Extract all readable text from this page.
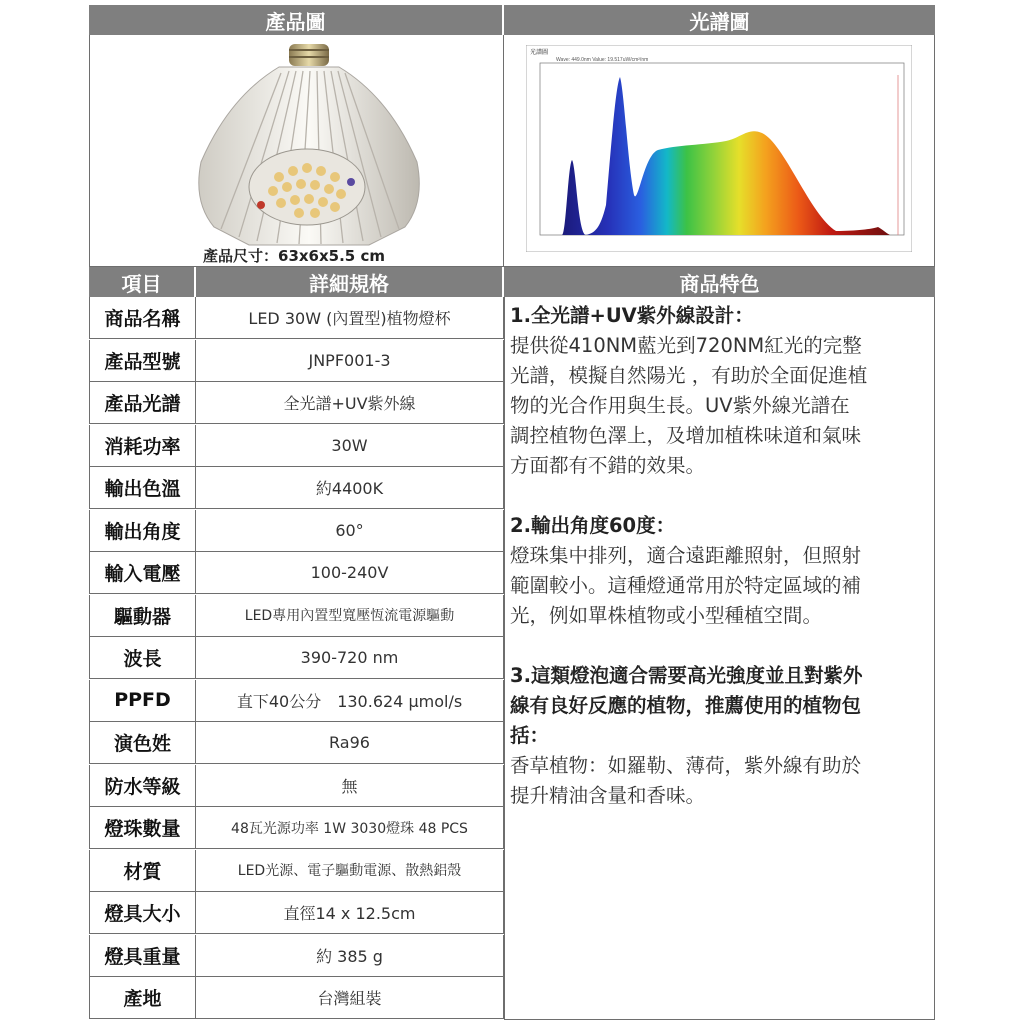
產品圖	光譜圖
產品尺寸：63x6x5.5 cm
光譜圖
Wave: 449.0nm Value: 19.517uW/cm²/nm
項目	詳細規格	商品特色
商品名稱	LED 30W (內置型)植物燈杯
產品型號	JNPF001-3
產品光譜	全光譜+UV紫外線
消耗功率	30W
輸出色溫	約4400K
輸出角度	60°
輸入電壓	100-240V
驅動器	LED專用內置型寬壓恆流電源驅動
波長	390-720 nm
PPFD	直下40公分　130.624 µmol/s
演色姓	Ra96
防水等級	無
燈珠數量	48瓦光源功率 1W 3030燈珠 48 PCS
材質	LED光源、電子驅動電源、散熱鋁殼
燈具大小	直徑14 x 12.5cm
燈具重量	約 385 g
產地	台灣組裝
1.全光譜+UV紫外線設計：
提供從410NM藍光到720NM紅光的完整
光譜，模擬自然陽光 ，有助於全面促進植
物的光合作用與生長。UV紫外線光譜在
調控植物色澤上，及增加植株味道和氣味
方面都有不錯的效果。
2.輸出角度60度：
燈珠集中排列，適合遠距離照射，但照射
範圍較小。這種燈通常用於特定區域的補
光，例如單株植物或小型種植空間。
3.這類燈泡適合需要高光強度並且對紫外
線有良好反應的植物，推薦使用的植物包
括：
香草植物：如羅勒、薄荷，紫外線有助於
提升精油含量和香味。
